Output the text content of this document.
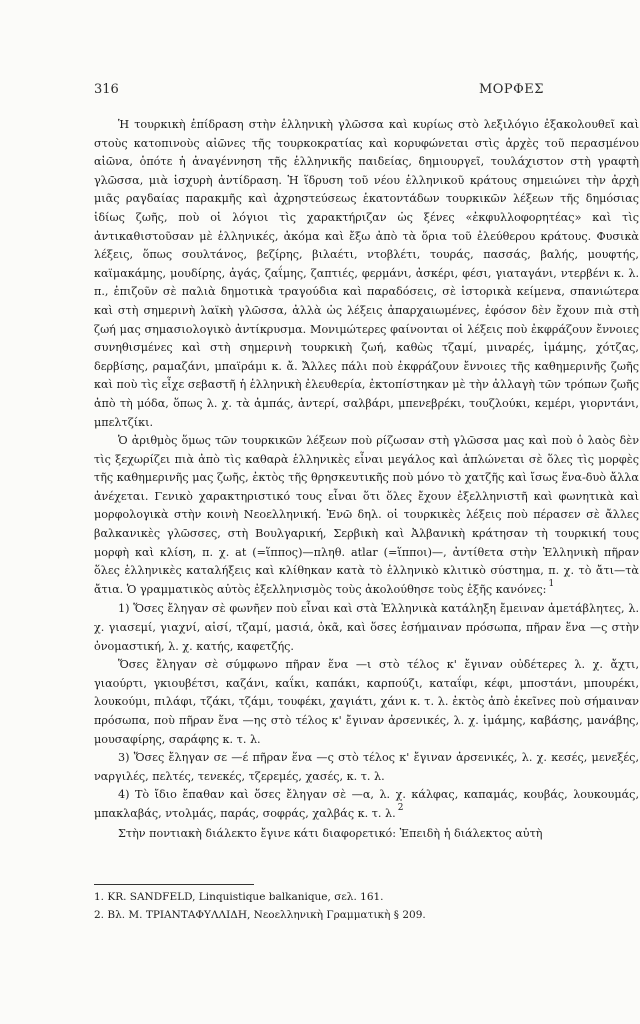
316	ΜΟΡΦΕΣ

Ἡ τουρκικὴ ἐπίδραση στὴν ἑλληνικὴ γλῶσσα καὶ κυρίως στὸ λεξιλόγιο ἐξακολουθεῖ καὶ στοὺς κατοπινοὺς αἰῶνες τῆς τουρκοκρατίας καὶ κορυφώνεται στὶς ἀρχὲς τοῦ περασμένου αἰῶνα, ὁπότε ἡ ἀναγέννηση τῆς ἑλληνικῆς παιδείας, δημιουργεῖ, τουλάχιστον στὴ γραφτὴ γλῶσσα, μιὰ ἰσχυρὴ ἀντίδραση. Ἡ ἵδρυση τοῦ νέου ἑλληνικοῦ κράτους σημειώνει τὴν ἀρχὴ μιᾶς ραγδαίας παρακμῆς καὶ ἀχρηστεύσεως ἑκατοντάδων τουρκικῶν λέξεων τῆς δημόσιας ἰδίως ζωῆς, ποὺ οἱ λόγιοι τὶς χαρακτήριζαν ὡς ξένες «ἐκφυλλοφορητέας» καὶ τὶς ἀντικαθιστοῦσαν μὲ ἑλληνικές, ἀκόμα καὶ ἔξω ἀπὸ τὰ ὅρια τοῦ ἐλεύθερου κράτους. Φυσικὰ λέξεις, ὅπως σουλτάνος, βεζίρης, βιλαέτι, ντοβλέτι, τουράς, πασσάς, βαλής, μουφτής, καϊμακάμης, μουδίρης, ἀγάς, ζαΐμης, ζαπτιές, φερμάνι, ἀσκέρι, φέσι, γιαταγάνι, ντερβένι κ. λ. π., ἐπιζοῦν σὲ παλιὰ δημοτικὰ τραγούδια καὶ παραδόσεις, σὲ ἱστορικὰ κείμενα, σπανιώτερα καὶ στὴ σημερινὴ λαϊκὴ γλῶσσα, ἀλλὰ ὡς λέξεις ἀπαρχαιωμένες, ἐφόσον δὲν ἔχουν πιὰ στὴ ζωή μας σημασιολογικὸ ἀντίκρυσμα. Μονιμώτερες φαίνονται οἱ λέξεις ποὺ ἐκφράζουν ἔννοιες συνηθισμένες καὶ στὴ σημερινὴ τουρκικὴ ζωή, καθὼς τζαμί, μιναρές, ἰμάμης, χότζας, δερβίσης, ραμαζάνι, μπαϊράμι κ. ἄ. Ἄλλες πάλι ποὺ ἐκφράζουν ἔννοιες τῆς καθημερινῆς ζωῆς καὶ ποὺ τὶς εἶχε σεβαστῆ ἡ ἑλληνικὴ ἐλευθερία, ἐκτοπίστηκαν μὲ τὴν ἀλλαγὴ τῶν τρόπων ζωῆς ἀπὸ τὴ μόδα, ὅπως λ. χ. τὰ ἀμπάς, ἀντερί, σαλβάρι, μπενεβρέκι, τουζλούκι, κεμέρι, γιορντάνι, μπελτζίκι.

Ὁ ἀριθμὸς ὅμως τῶν τουρκικῶν λέξεων ποὺ ρίζωσαν στὴ γλῶσσα μας καὶ ποὺ ὁ λαὸς δὲν τὶς ξεχωρίζει πιὰ ἀπὸ τὶς καθαρὰ ἑλληνικὲς εἶναι μεγάλος καὶ ἁπλώνεται σὲ ὅλες τὶς μορφὲς τῆς καθημερινῆς μας ζωῆς, ἐκτὸς τῆς θρησκευτικῆς ποὺ μόνο τὸ χατζῆς καὶ ἴσως ἕνα-δυὸ ἄλλα ἀνέχεται. Γενικὸ χαρακτηριστικό τους εἶναι ὅτι ὅλες ἔχουν ἐξελληνιστῆ καὶ φωνητικὰ καὶ μορφολογικὰ στὴν κοινὴ Νεοελληνική. Ἐνῶ δηλ. οἱ τουρκικὲς λέξεις ποὺ πέρασεν σὲ ἄλλες βαλκανικὲς γλῶσσες, στὴ Βουλγαρική, Σερβικὴ καὶ Ἀλβανικὴ κράτησαν τὴ τουρκική τους μορφὴ καὶ κλίση, π. χ. at (=ἵππος)—πληθ. atlar (=ἵπποι)—, ἀντίθετα στὴν Ἑλληνικὴ πῆραν ὅλες ἑλληνικὲς καταλήξεις καὶ κλίθηκαν κατὰ τὸ ἑλληνικὸ κλιτικὸ σύστημα, π. χ. τὸ ἄτι—τὰ ἄτια. Ὁ γραμματικὸς αὐτὸς ἐξελληνισμὸς τοὺς ἀκολούθησε τοὺς ἑξῆς κανόνες: $^1$

1) Ὅσες ἔληγαν σὲ φωνῆεν ποὺ εἶναι καὶ στὰ Ἑλληνικὰ κατάληξη ἔμειναν ἀμετάβλητες, λ. χ. γιασεμί, γιαχνί, αἰσί, τζαμί, μασιά, ὀκᾶ, καὶ ὅσες ἐσήμαιναν πρόσωπα, πῆραν ἕνα —ς στὴν ὀνομαστική, λ. χ. κατής, καφετζής.

Ὅσες ἔληγαν σὲ σύμφωνο πῆραν ἕνα —ι στὸ τέλος κ' ἔγιναν οὐδέτερες λ. χ. ἄχτι, γιαούρτι, γκιουβέτσι, καζάνι, καΐκι, καπάκι, καρπούζι, καταΐφι, κέφι, μποστάνι, μπουρέκι, λουκούμι, πιλάφι, τζάκι, τζάμι, τουφέκι, χαγιάτι, χάνι κ. τ. λ. ἐκτὸς ἀπὸ ἐκεῖνες ποὺ σήμαιναν πρόσωπα, ποὺ πῆραν ἕνα —ης στὸ τέλος κ' ἔγιναν ἀρσενικές, λ. χ. ἰμάμης, καβάσης, μανάβης, μουσαφίρης, σαράφης κ. τ. λ.

3) Ὅσες ἔληγαν σε —έ πῆραν ἕνα —ς στὸ τέλος κ' ἔγιναν ἀρσενικές, λ. χ. κεσές, μενεξές, ναργιλές, πελτές, τενεκές, τζερεμές, χασές, κ. τ. λ.

4) Τὸ ἴδιο ἔπαθαν καὶ ὅσες ἔληγαν σὲ —α, λ. χ. κάλφας, καπαμάς, κουβάς, λουκουμάς, μπακλαβάς, ντολμάς, παράς, σοφράς, χαλβάς κ. τ. λ. $^2$

Στὴν ποντιακὴ διάλεκτο ἔγινε κάτι διαφορετικό: Ἐπειδὴ ἡ διάλεκτος αὐτὴ

1. KR. SANDFELD, Linquistique balkanique, σελ. 161.
2. Βλ. Μ. ΤΡΙΑΝΤΑΦΥΛΛΙΔΗ, Νεοελληνικὴ Γραμματικὴ § 209.
